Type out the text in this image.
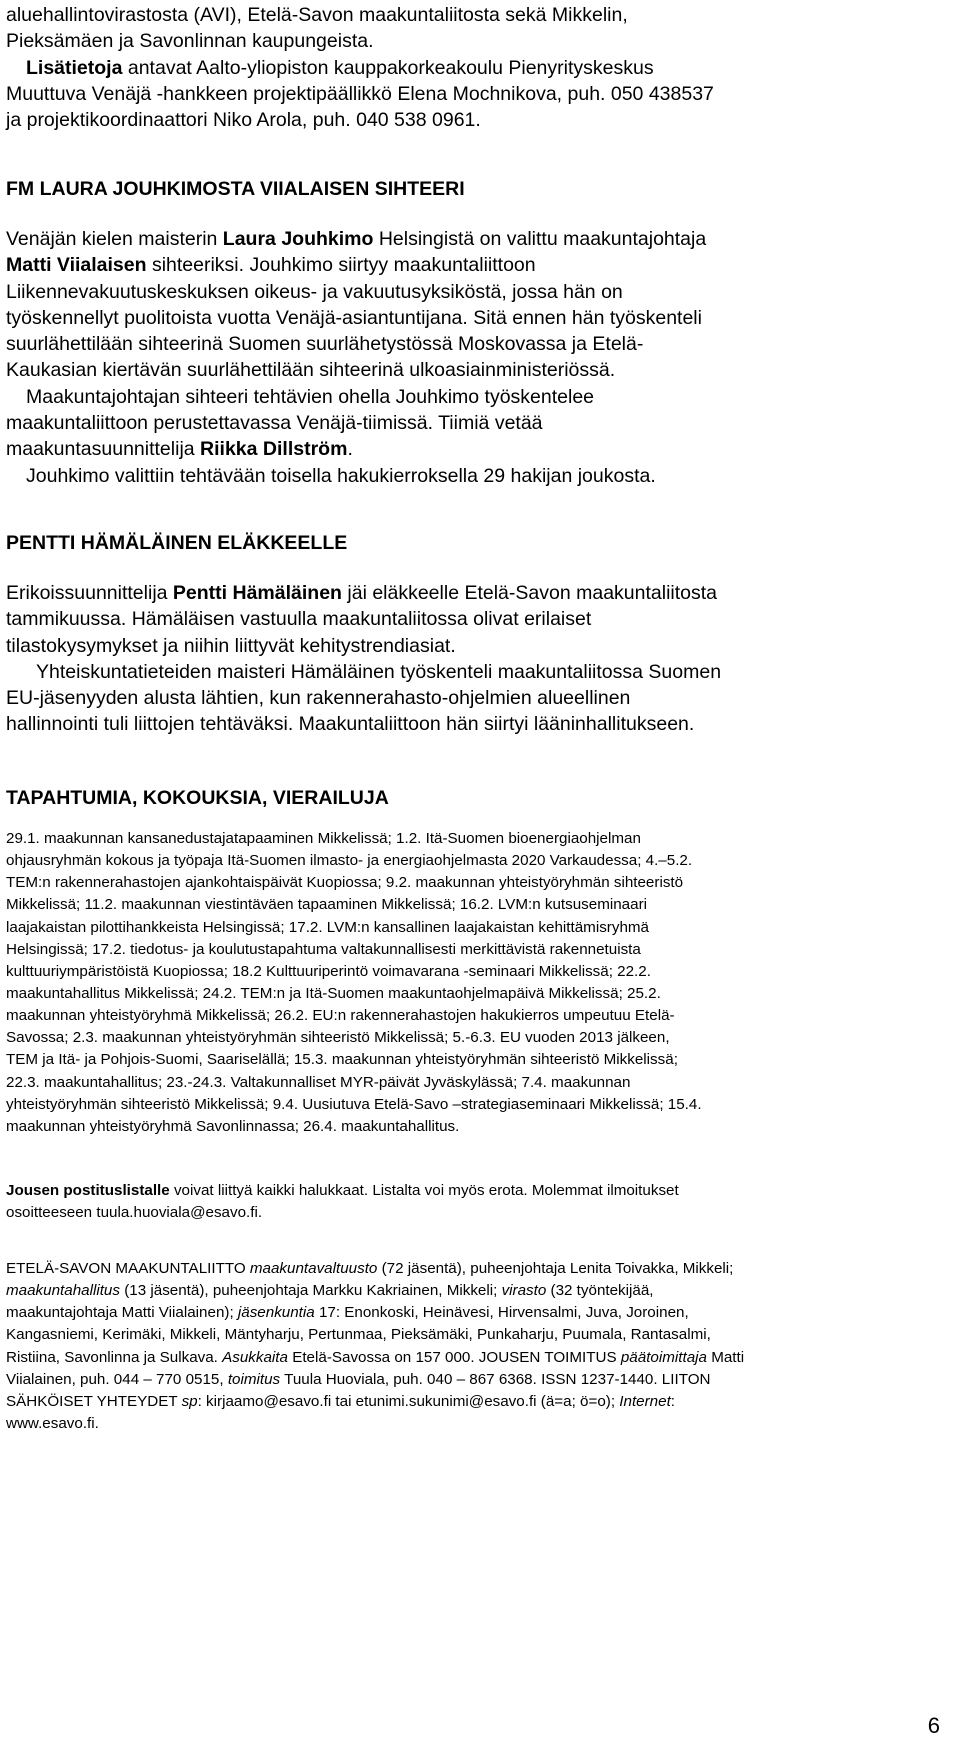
aluehallintovirastosta (AVI), Etelä-Savon maakuntaliitosta sekä Mikkelin,
Pieksämäen ja Savonlinnan kaupungeista.
Lisätietoja antavat Aalto-yliopiston kauppakorkeakoulu Pienyrityskeskus
Muuttuva Venäjä -hankkeen projektipäällikkö Elena Mochnikova, puh. 050 438537
ja projektikoordinaattori Niko Arola, puh. 040 538 0961.
FM LAURA JOUHKIMOSTA VIIALAISEN SIHTEERI
Venäjän kielen maisterin Laura Jouhkimo Helsingistä on valittu maakuntajohtaja
Matti Viialaisen sihteeriksi. Jouhkimo siirtyy maakuntaliittoon
Liikennevakuutuskeskuksen oikeus- ja vakuutusyksiköstä, jossa hän on
työskennellyt puolitoista vuotta Venäjä-asiantuntijana. Sitä ennen hän työskenteli
suurlähettilään sihteerinä Suomen suurlähetystössä Moskovassa ja Etelä-
Kaukasian kiertävän suurlähettilään sihteerinä ulkoasiainministeriössä.
Maakuntajohtajan sihteeri tehtävien ohella Jouhkimo työskentelee
maakuntaliittoon perustettavassa Venäjä-tiimissä. Tiimiä vetää
maakuntasuunnittelija Riikka Dillström.
Jouhkimo valittiin tehtävään toisella hakukierroksella 29 hakijan joukosta.
PENTTI HÄMÄLÄINEN ELÄKKEELLE
Erikoissuunnittelija Pentti Hämäläinen jäi eläkkeelle Etelä-Savon maakuntaliitosta
tammikuussa. Hämäläisen vastuulla maakuntaliitossa olivat erilaiset
tilastokysymykset ja niihin liittyvät kehitystrendiasiat.
Yhteiskuntatieteiden maisteri Hämäläinen työskenteli maakuntaliitossa Suomen
EU-jäsenyyden alusta lähtien, kun rakennerahasto-ohjelmien alueellinen
hallinnointi tuli liittojen tehtäväksi. Maakuntaliittoon hän siirtyi lääninhallitukseen.
TAPAHTUMIA, KOKOUKSIA, VIERAILUJA
29.1. maakunnan kansanedustajatapaaminen Mikkelissä; 1.2. Itä-Suomen bioenergiaohjelman
ohjausryhmän kokous ja työpaja Itä-Suomen ilmasto- ja energiaohjelmasta 2020 Varkaudessa; 4.‒5.2.
TEM:n rakennerahastojen ajankohtaispäivät Kuopiossa; 9.2. maakunnan yhteistyöryhmän sihteeristö
Mikkelissä; 11.2. maakunnan viestintäväen tapaaminen Mikkelissä; 16.2. LVM:n kutsuseminaari
laajakaistan pilottihankkeista Helsingissä; 17.2. LVM:n kansallinen laajakaistan kehittämisryhmä
Helsingissä; 17.2. tiedotus- ja koulutustapahtuma valtakunnallisesti merkittävistä rakennetuista
kulttuuriympäristöistä Kuopiossa; 18.2 Kulttuuriperintö voimavarana -seminaari Mikkelissä; 22.2.
maakuntahallitus Mikkelissä; 24.2. TEM:n ja Itä-Suomen maakuntaohjelmapäivä Mikkelissä; 25.2.
maakunnan yhteistyöryhmä Mikkelissä; 26.2. EU:n rakennerahastojen hakukierros umpeutuu Etelä-
Savossa; 2.3. maakunnan yhteistyöryhmän sihteeristö Mikkelissä; 5.-6.3. EU vuoden 2013 jälkeen,
TEM ja Itä- ja Pohjois-Suomi, Saariselällä; 15.3. maakunnan yhteistyöryhmän sihteeristö Mikkelissä;
22.3. maakuntahallitus; 23.-24.3. Valtakunnalliset MYR-päivät Jyväskylässä; 7.4. maakunnan
yhteistyöryhmän sihteeristö Mikkelissä; 9.4. Uusiutuva Etelä-Savo –strategiaseminaari Mikkelissä; 15.4.
maakunnan yhteistyöryhmä Savonlinnassa; 26.4. maakuntahallitus.
Jousen postituslistalle voivat liittyä kaikki halukkaat. Listalta voi myös erota. Molemmat ilmoitukset
osoitteeseen tuula.huoviala@esavo.fi.
ETELÄ-SAVON MAAKUNTALIITTO maakuntavaltuusto (72 jäsentä), puheenjohtaja Lenita Toivakka, Mikkeli;
maakuntahallitus (13 jäsentä), puheenjohtaja Markku Kakriainen, Mikkeli; virasto (32 työntekijää,
maakuntajohtaja Matti Viialainen); jäsenkuntia 17: Enonkoski, Heinävesi, Hirvensalmi, Juva, Joroinen,
Kangasniemi, Kerimäki, Mikkeli, Mäntyharju, Pertunmaa, Pieksämäki, Punkaharju, Puumala, Rantasalmi,
Ristiina, Savonlinna ja Sulkava. Asukkaita Etelä-Savossa on 157 000. JOUSEN TOIMITUS päätoimittaja Matti
Viialainen, puh. 044 ‒ 770 0515, toimitus Tuula Huoviala, puh. 040 ‒ 867 6368. ISSN 1237-1440. LIITON
SÄHKÖISET YHTEYDET sp: kirjaamo@esavo.fi tai etunimi.sukunimi@esavo.fi (ä=a; ö=o); Internet:
www.esavo.fi.
6
